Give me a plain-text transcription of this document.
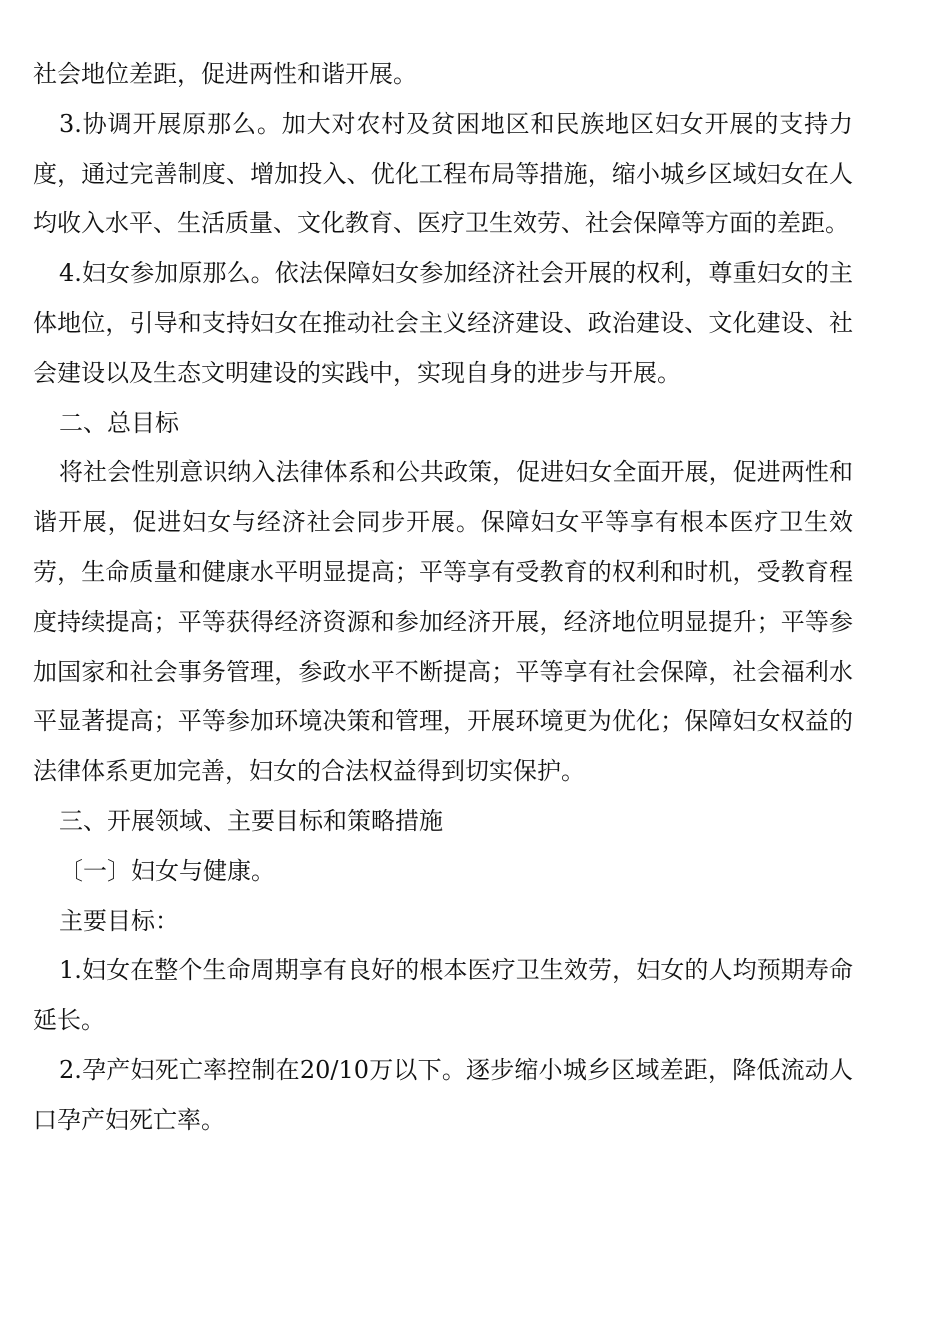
社会地位差距，促进两性和谐开展。

3.协调开展原那么。加大对农村及贫困地区和民族地区妇女开展的支持力度，通过完善制度、增加投入、优化工程布局等措施，缩小城乡区域妇女在人均收入水平、生活质量、文化教育、医疗卫生效劳、社会保障等方面的差距。

4.妇女参加原那么。依法保障妇女参加经济社会开展的权利，尊重妇女的主体地位，引导和支持妇女在推动社会主义经济建设、政治建设、文化建设、社会建设以及生态文明建设的实践中，实现自身的进步与开展。

二、总目标

将社会性别意识纳入法律体系和公共政策，促进妇女全面开展，促进两性和谐开展，促进妇女与经济社会同步开展。保障妇女平等享有根本医疗卫生效劳，生命质量和健康水平明显提高；平等享有受教育的权利和时机，受教育程度持续提高；平等获得经济资源和参加经济开展，经济地位明显提升；平等参加国家和社会事务管理，参政水平不断提高；平等享有社会保障，社会福利水平显著提高；平等参加环境决策和管理，开展环境更为优化；保障妇女权益的法律体系更加完善，妇女的合法权益得到切实保护。

三、开展领域、主要目标和策略措施

〔一〕妇女与健康。

主要目标：

1.妇女在整个生命周期享有良好的根本医疗卫生效劳，妇女的人均预期寿命延长。

2.孕产妇死亡率控制在20/10万以下。逐步缩小城乡区域差距，降低流动人口孕产妇死亡率。
